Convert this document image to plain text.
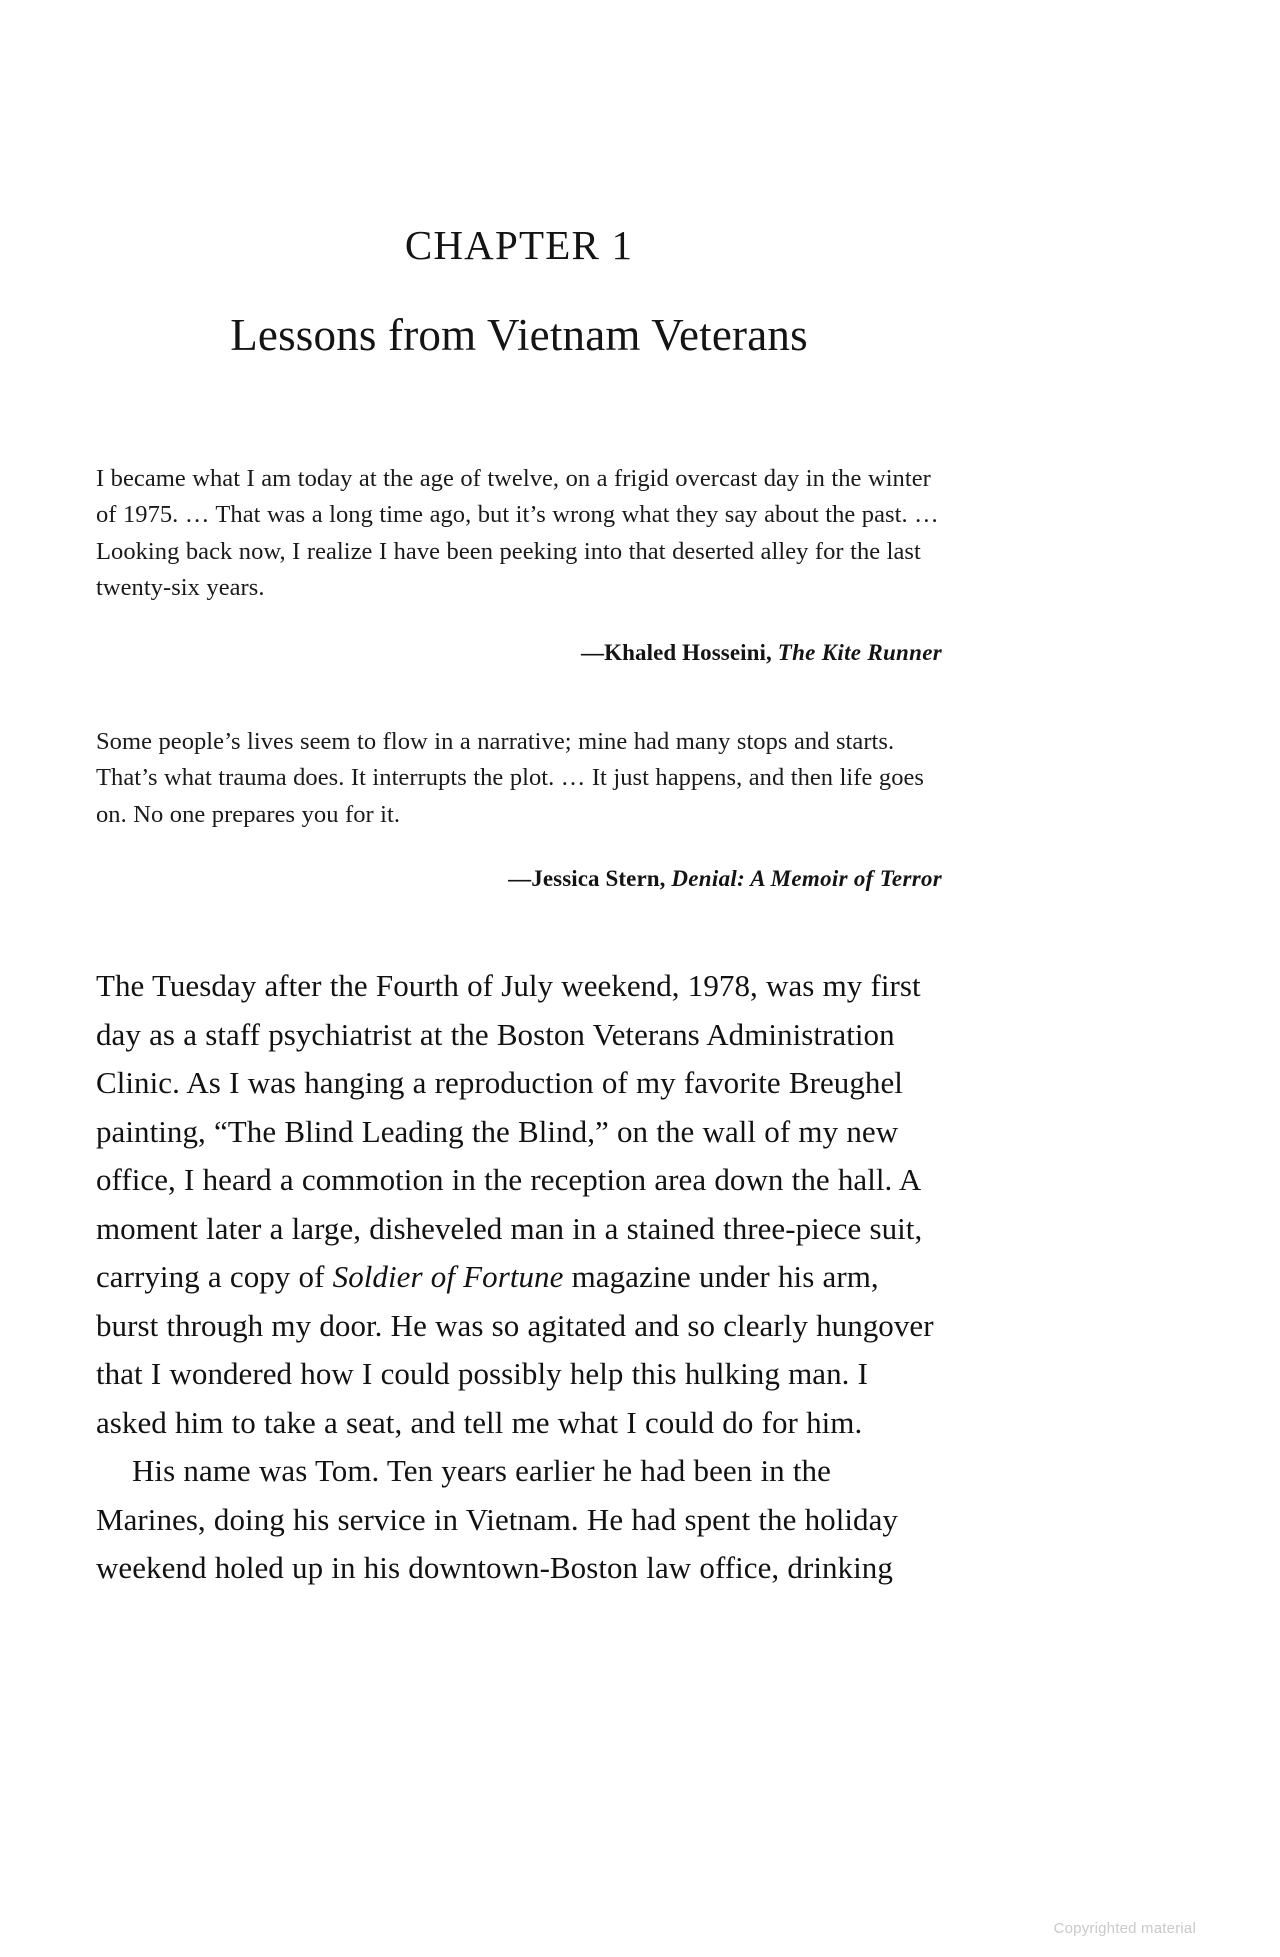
CHAPTER 1
Lessons from Vietnam Veterans

I became what I am today at the age of twelve, on a frigid overcast day in the winter of 1975. … That was a long time ago, but it’s wrong what they say about the past. … Looking back now, I realize I have been peeking into that deserted alley for the last twenty-six years.

—Khaled Hosseini, The Kite Runner

Some people’s lives seem to flow in a narrative; mine had many stops and starts. That’s what trauma does. It interrupts the plot. … It just happens, and then life goes on. No one prepares you for it.

—Jessica Stern, Denial: A Memoir of Terror

The Tuesday after the Fourth of July weekend, 1978, was my first day as a staff psychiatrist at the Boston Veterans Administration Clinic. As I was hanging a reproduction of my favorite Breughel painting, “The Blind Leading the Blind,” on the wall of my new office, I heard a commotion in the reception area down the hall. A moment later a large, disheveled man in a stained three-piece suit, carrying a copy of Soldier of Fortune magazine under his arm, burst through my door. He was so agitated and so clearly hungover that I wondered how I could possibly help this hulking man. I asked him to take a seat, and tell me what I could do for him.

His name was Tom. Ten years earlier he had been in the Marines, doing his service in Vietnam. He had spent the holiday weekend holed up in his downtown-Boston law office, drinking

Copyrighted material
